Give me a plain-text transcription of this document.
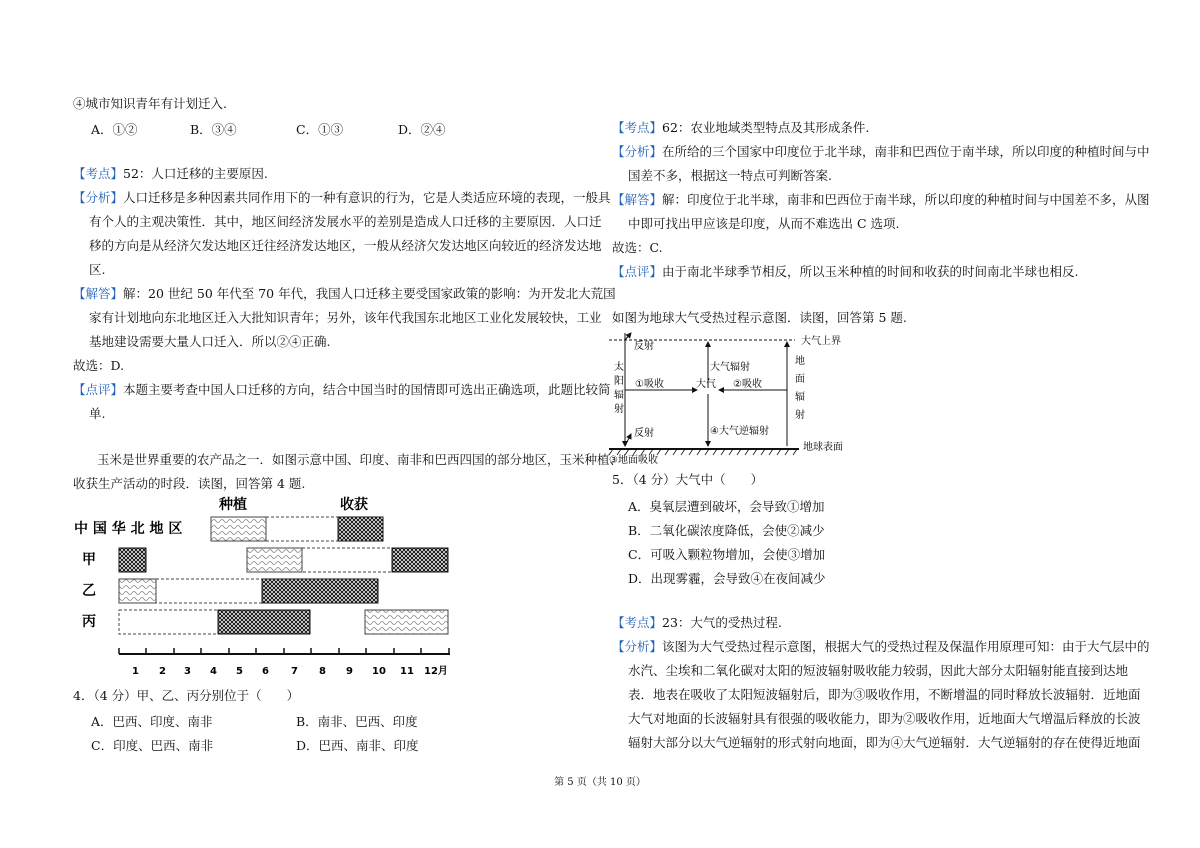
④城市知识青年有计划迁入.
A．①②	B．③④	C．①③	D．②④
【考点】52：人口迁移的主要原因.
【分析】人口迁移是多种因素共同作用下的一种有意识的行为，它是人类适应环境的表现，一般具
有个人的主观决策性．其中，地区间经济发展水平的差别是造成人口迁移的主要原因．人口迁
移的方向是从经济欠发达地区迁往经济发达地区，一般从经济欠发达地区向较近的经济发达地
区.
【解答】解：20 世纪 50 年代至 70 年代，我国人口迁移主要受国家政策的影响：为开发北大荒国
家有计划地向东北地区迁入大批知识青年；另外，该年代我国东北地区工业化发展较快，工业
基地建设需要大量人口迁入．所以②④正确.
故选：D.
【点评】本题主要考查中国人口迁移的方向，结合中国当时的国情即可选出正确选项，此题比较简
单.
玉米是世界重要的农产品之一．如图示意中国、印度、南非和巴西四国的部分地区，玉米种植、
收获生产活动的时段．读图，回答第 4 题.
种植	收获
中 国 华 北 地 区
甲
乙
丙
1 2 3 4 5 6 7 8 9 10 11 12月
4．（4 分）甲、乙、丙分别位于（　　）
A．巴西、印度、南非	B．南非、巴西、印度
C．印度、巴西、南非	D．巴西、南非、印度
【考点】62：农业地域类型特点及其形成条件.
【分析】在所给的三个国家中印度位于北半球，南非和巴西位于南半球，所以印度的种植时间与中
国差不多，根据这一特点可判断答案.
【解答】解：印度位于北半球，南非和巴西位于南半球，所以印度的种植时间与中国差不多，从图
中即可找出甲应该是印度，从而不难选出 C 选项.
故选：C.
【点评】由于南北半球季节相反，所以玉米种植的时间和收获的时间南北半球也相反.
如图为地球大气受热过程示意图．读图，回答第 5 题.
大气上界
地球表面
反射
太
阳
辐
射
①吸收	大气
大气辐射
地
面
辐
射
②吸收
④大气逆辐射
反射
③地面吸收
5．（4 分）大气中（　　）
A．臭氧层遭到破坏，会导致①增加
B．二氧化碳浓度降低，会使②减少
C．可吸入颗粒物增加，会使③增加
D．出现雾霾，会导致④在夜间减少
【考点】23：大气的受热过程.
【分析】该图为大气受热过程示意图，根据大气的受热过程及保温作用原理可知：由于大气层中的
水汽、尘埃和二氧化碳对太阳的短波辐射吸收能力较弱，因此大部分太阳辐射能直接到达地
表．地表在吸收了太阳短波辐射后，即为③吸收作用，不断增温的同时释放长波辐射．近地面
大气对地面的长波辐射具有很强的吸收能力，即为②吸收作用，近地面大气增温后释放的长波
辐射大部分以大气逆辐射的形式射向地面，即为④大气逆辐射．大气逆辐射的存在使得近地面
第 5 页（共 10 页）
